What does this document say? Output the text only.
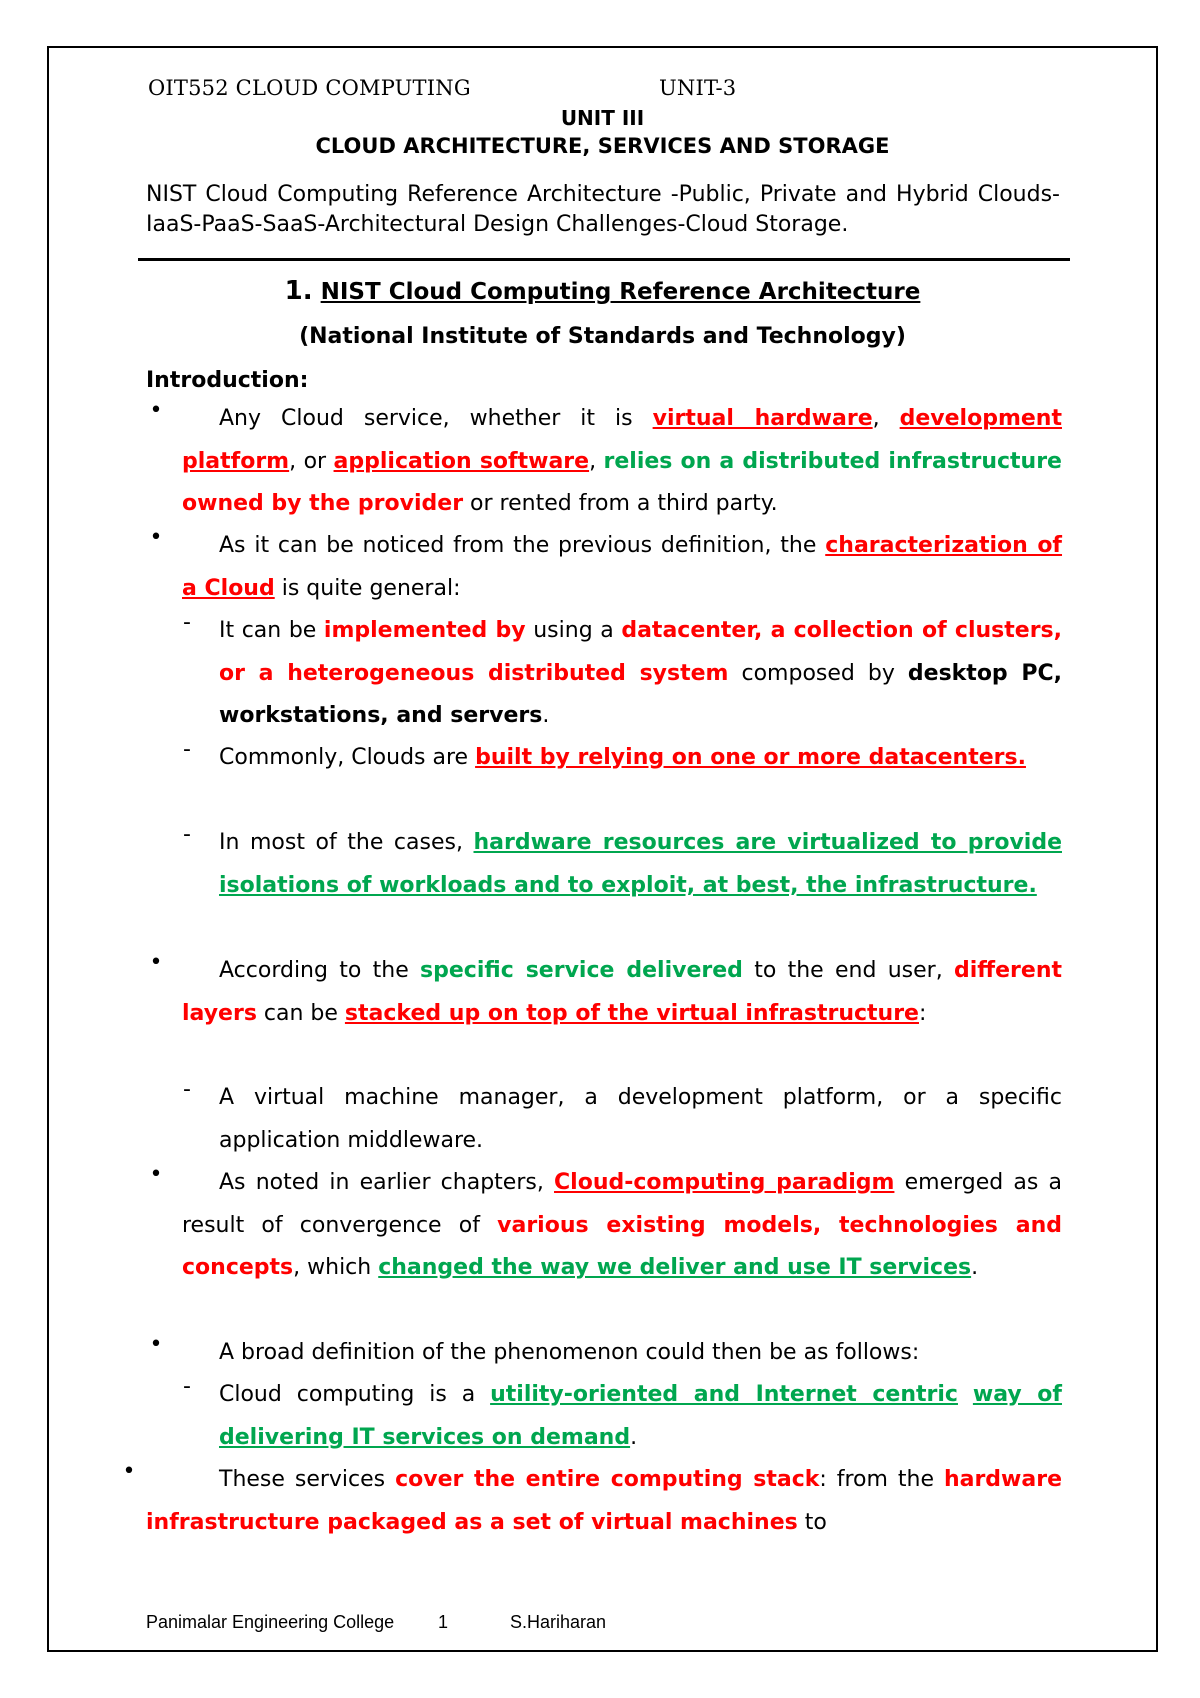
OIT552 CLOUD COMPUTING	UNIT-3
UNIT III
CLOUD ARCHITECTURE, SERVICES AND STORAGE
NIST Cloud Computing Reference Architecture -Public, Private and Hybrid Clouds-IaaS-PaaS-SaaS-Architectural Design Challenges-Cloud Storage.
1. NIST Cloud Computing Reference Architecture
(National Institute of Standards and Technology)
Introduction:
•	Any Cloud service, whether it is virtual hardware, development platform, or application software, relies on a distributed infrastructure owned by the provider or rented from a third party.
•	As it can be noticed from the previous definition, the characterization of a Cloud is quite general:
- It can be implemented by using a datacenter, a collection of clusters, or a heterogeneous distributed system composed by desktop PC, workstations, and servers.
- Commonly, Clouds are built by relying on one or more datacenters.
- In most of the cases, hardware resources are virtualized to provide isolations of workloads and to exploit, at best, the infrastructure.
•	According to the specific service delivered to the end user, different layers can be stacked up on top of the virtual infrastructure:
- A virtual machine manager, a development platform, or a specific application middleware.
•	As noted in earlier chapters, Cloud-computing paradigm emerged as a result of convergence of various existing models, technologies and concepts, which changed the way we deliver and use IT services.
•	A broad definition of the phenomenon could then be as follows:
- Cloud computing is a utility-oriented and Internet centric way of delivering IT services on demand.
•	These services cover the entire computing stack: from the hardware infrastructure packaged as a set of virtual machines to
Panimalar Engineering College 1	S.Hariharan
